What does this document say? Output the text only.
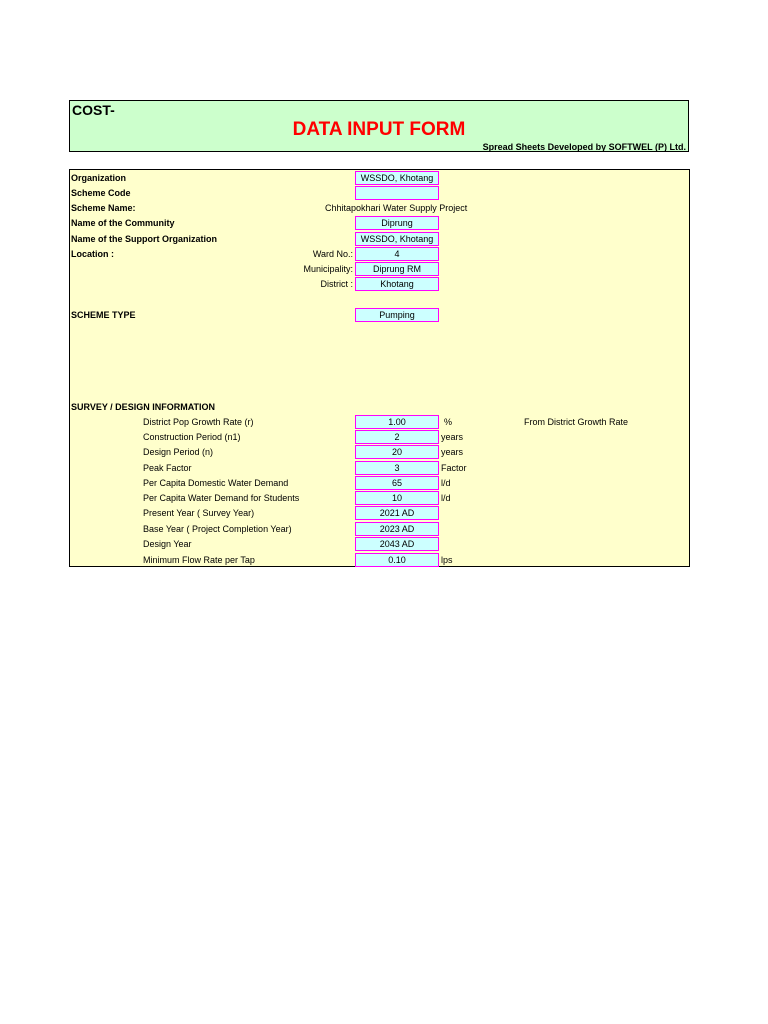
COST-
DATA INPUT FORM
Spread Sheets Developed by SOFTWEL (P) Ltd.
Organization	WSSDO, Khotang
Scheme Code
Scheme Name:	Chhitapokhari Water Supply Project
Name of the Community	Diprung
Name of the Support Organization	WSSDO, Khotang
Location :	Ward No.:	4
Municipality:	Diprung RM
District :	Khotang
SCHEME TYPE	Pumping
SURVEY / DESIGN INFORMATION
District Pop Growth Rate (r)	1.00	%	From District Growth Rate
Construction Period (n1)	2	years
Design Period (n)	20	years
Peak Factor	3	Factor
Per Capita Domestic Water Demand	65	l/d
Per Capita Water Demand for Students	10	l/d
Present Year ( Survey Year)	2021 AD
Base Year ( Project Completion Year)	2023 AD
Design Year	2043 AD
Minimum Flow Rate per Tap	0.10	lps
